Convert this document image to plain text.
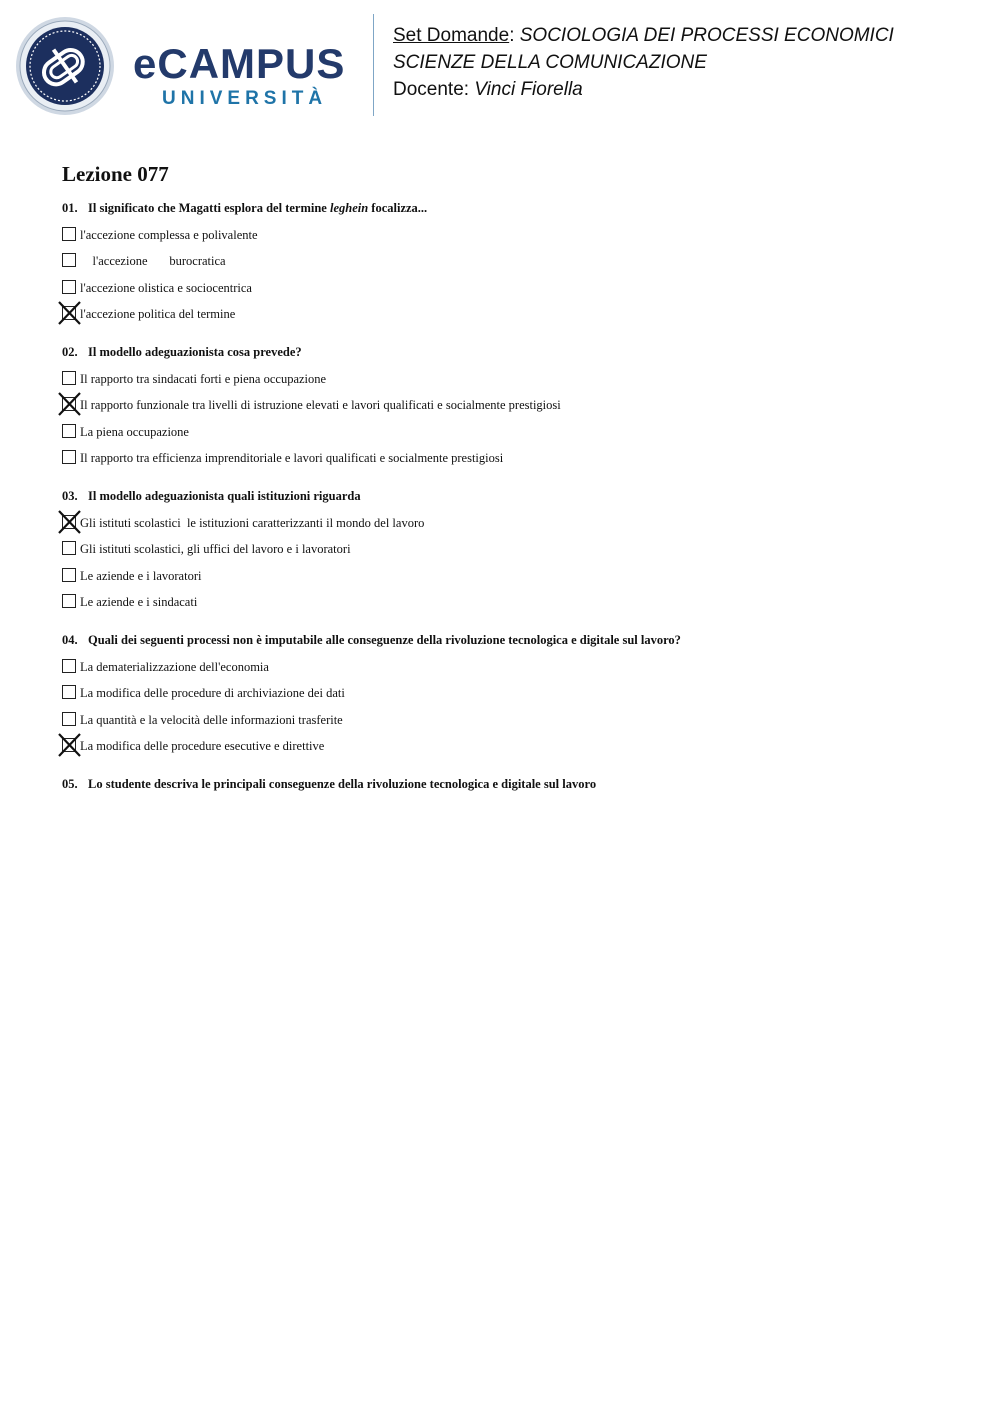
eCAMPUS
UNIVERSITÀ
Set Domande: SOCIOLOGIA DEI PROCESSI ECONOMICI
SCIENZE DELLA COMUNICAZIONE
Docente: Vinci Fiorella
Lezione 077
01. Il significato che Magatti esplora del termine leghein focalizza...
l'accezione complessa e polivalente
l'accezione       burocratica
l'accezione olistica e sociocentrica
l'accezione politica del termine
02. Il modello adeguazionista cosa prevede?
Il rapporto tra sindacati forti e piena occupazione
Il rapporto funzionale tra livelli di istruzione elevati e lavori qualificati e socialmente prestigiosi
La piena occupazione
Il rapporto tra efficienza imprenditoriale e lavori qualificati e socialmente prestigiosi
03. Il modello adeguazionista quali istituzioni riguarda
Gli istituti scolastici  le istituzioni caratterizzanti il mondo del lavoro
Gli istituti scolastici, gli uffici del lavoro e i lavoratori
Le aziende e i lavoratori
Le aziende e i sindacati
04. Quali dei seguenti processi non è imputabile alle conseguenze della rivoluzione tecnologica e digitale sul lavoro?
La dematerializzazione dell'economia
La modifica delle procedure di archiviazione dei dati
La quantità e la velocità delle informazioni trasferite
La modifica delle procedure esecutive e direttive
05. Lo studente descriva le principali conseguenze della rivoluzione tecnologica e digitale sul lavoro
